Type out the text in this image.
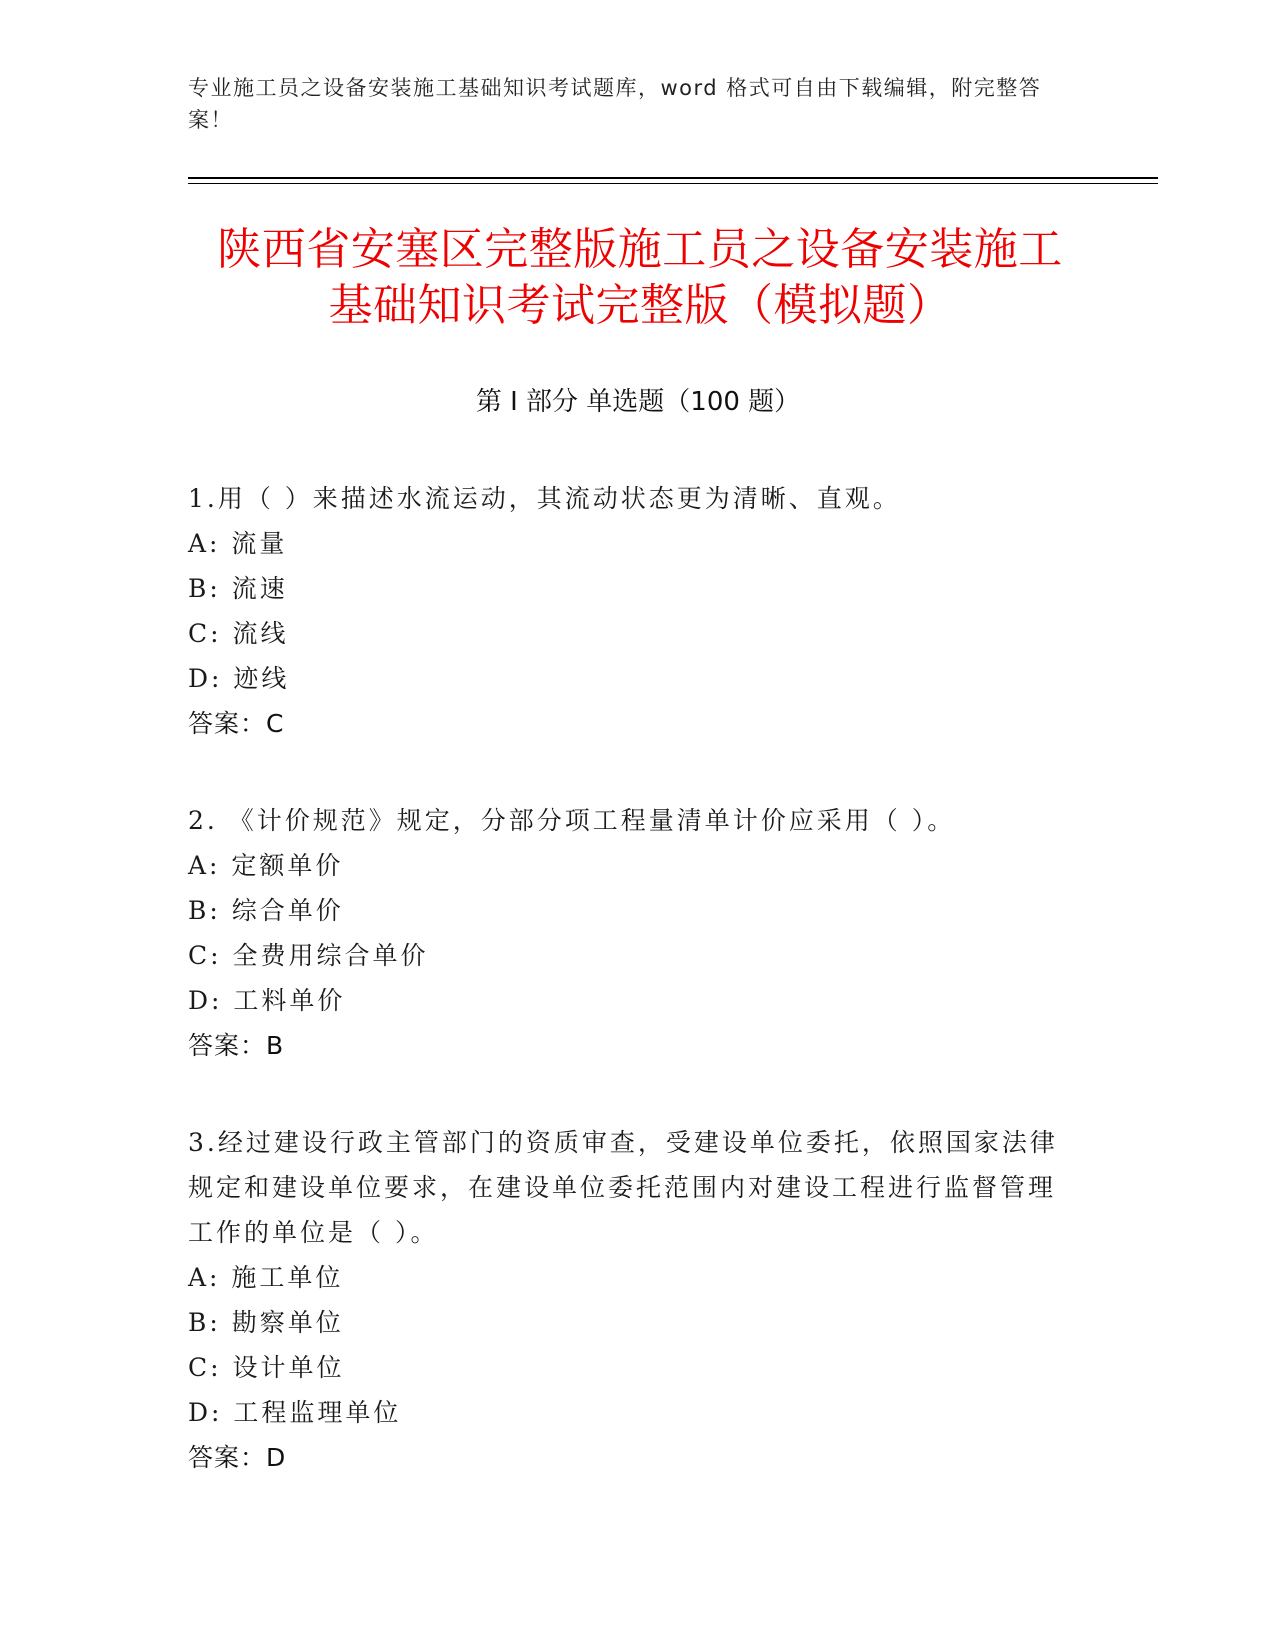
专业施工员之设备安装施工基础知识考试题库，word 格式可自由下载编辑，附完整答案！
陕西省安塞区完整版施工员之设备安装施工
基础知识考试完整版（模拟题）
第 I 部分 单选题（100 题）
1.用（ ）来描述水流运动，其流动状态更为清晰、直观。
A: 流量
B: 流速
C: 流线
D: 迹线
答案：C
2. 《计价规范》规定，分部分项工程量清单计价应采用（ ）。
A: 定额单价
B: 综合单价
C: 全费用综合单价
D: 工料单价
答案：B
3.经过建设行政主管部门的资质审查，受建设单位委托，依照国家法律规定和建设单位要求，在建设单位委托范围内对建设工程进行监督管理工作的单位是（ ）。
A: 施工单位
B: 勘察单位
C: 设计单位
D: 工程监理单位
答案：D
